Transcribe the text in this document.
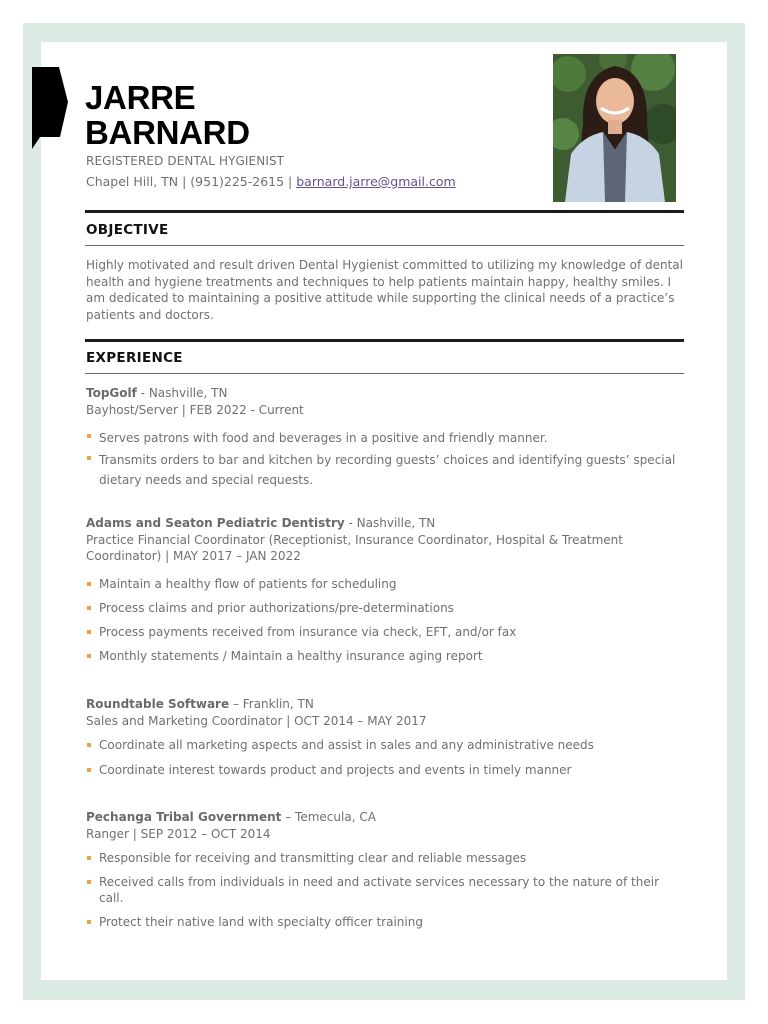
JARRE
BARNARD
REGISTERED DENTAL HYGIENIST
Chapel Hill, TN | (951)225-2615 | barnard.jarre@gmail.com
OBJECTIVE
Highly motivated and result driven Dental Hygienist committed to utilizing my knowledge of dental health and hygiene treatments and techniques to help patients maintain happy, healthy smiles. I am dedicated to maintaining a positive attitude while supporting the clinical needs of a practice’s patients and doctors.
EXPERIENCE
TopGolf - Nashville, TN
Bayhost/Server | FEB 2022 - Current
Serves patrons with food and beverages in a positive and friendly manner.
Transmits orders to bar and kitchen by recording guests’ choices and identifying guests’ special dietary needs and special requests.
Adams and Seaton Pediatric Dentistry - Nashville, TN
Practice Financial Coordinator (Receptionist, Insurance Coordinator, Hospital & Treatment Coordinator) | MAY 2017 – JAN 2022
Maintain a healthy flow of patients for scheduling
Process claims and prior authorizations/pre-determinations
Process payments received from insurance via check, EFT, and/or fax
Monthly statements / Maintain a healthy insurance aging report
Roundtable Software – Franklin, TN
Sales and Marketing Coordinator | OCT 2014 – MAY 2017
Coordinate all marketing aspects and assist in sales and any administrative needs
Coordinate interest towards product and projects and events in timely manner
Pechanga Tribal Government – Temecula, CA
Ranger | SEP 2012 – OCT 2014
Responsible for receiving and transmitting clear and reliable messages
Received calls from individuals in need and activate services necessary to the nature of their call.
Protect their native land with specialty officer training
